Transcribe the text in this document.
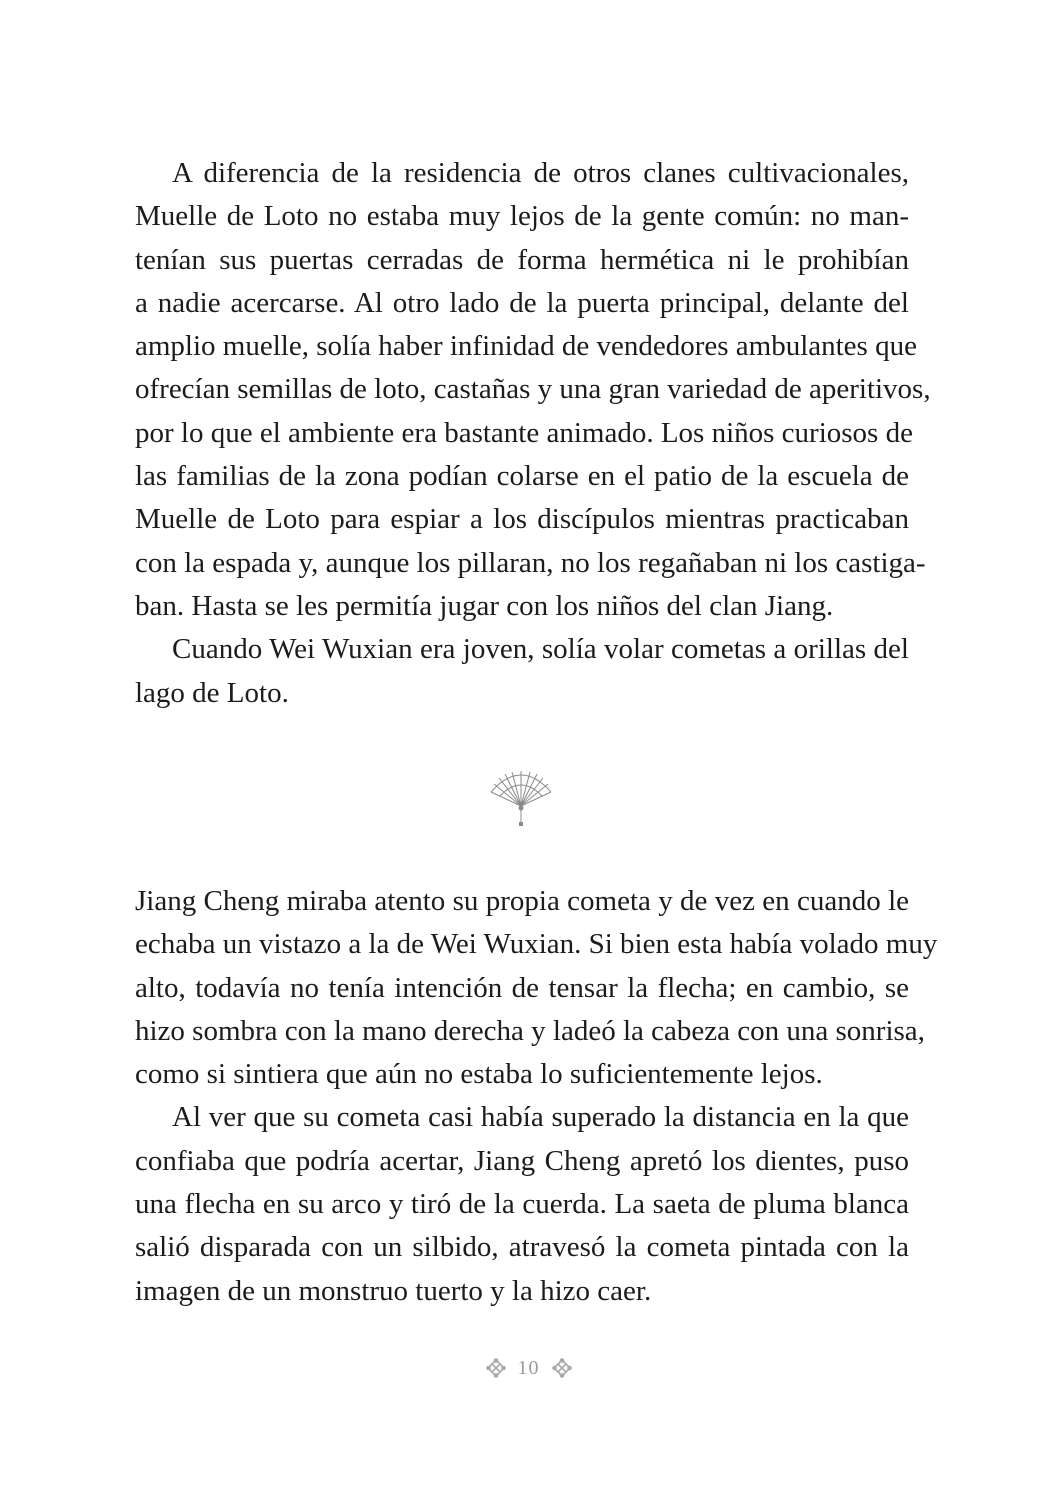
A diferencia de la residencia de otros clanes cultivacionales,
Muelle de Loto no estaba muy lejos de la gente común: no man-
tenían sus puertas cerradas de forma hermética ni le prohibían
a nadie acercarse. Al otro lado de la puerta principal, delante del
amplio muelle, solía haber infinidad de vendedores ambulantes que
ofrecían semillas de loto, castañas y una gran variedad de aperitivos,
por lo que el ambiente era bastante animado. Los niños curiosos de
las familias de la zona podían colarse en el patio de la escuela de
Muelle de Loto para espiar a los discípulos mientras practicaban
con la espada y, aunque los pillaran, no los regañaban ni los castiga-
ban. Hasta se les permitía jugar con los niños del clan Jiang.
Cuando Wei Wuxian era joven, solía volar cometas a orillas del
lago de Loto.
Jiang Cheng miraba atento su propia cometa y de vez en cuando le
echaba un vistazo a la de Wei Wuxian. Si bien esta había volado muy
alto, todavía no tenía intención de tensar la flecha; en cambio, se
hizo sombra con la mano derecha y ladeó la cabeza con una sonrisa,
como si sintiera que aún no estaba lo suficientemente lejos.
Al ver que su cometa casi había superado la distancia en la que
confiaba que podría acertar, Jiang Cheng apretó los dientes, puso
una flecha en su arco y tiró de la cuerda. La saeta de pluma blanca
salió disparada con un silbido, atravesó la cometa pintada con la
imagen de un monstruo tuerto y la hizo caer.
10
